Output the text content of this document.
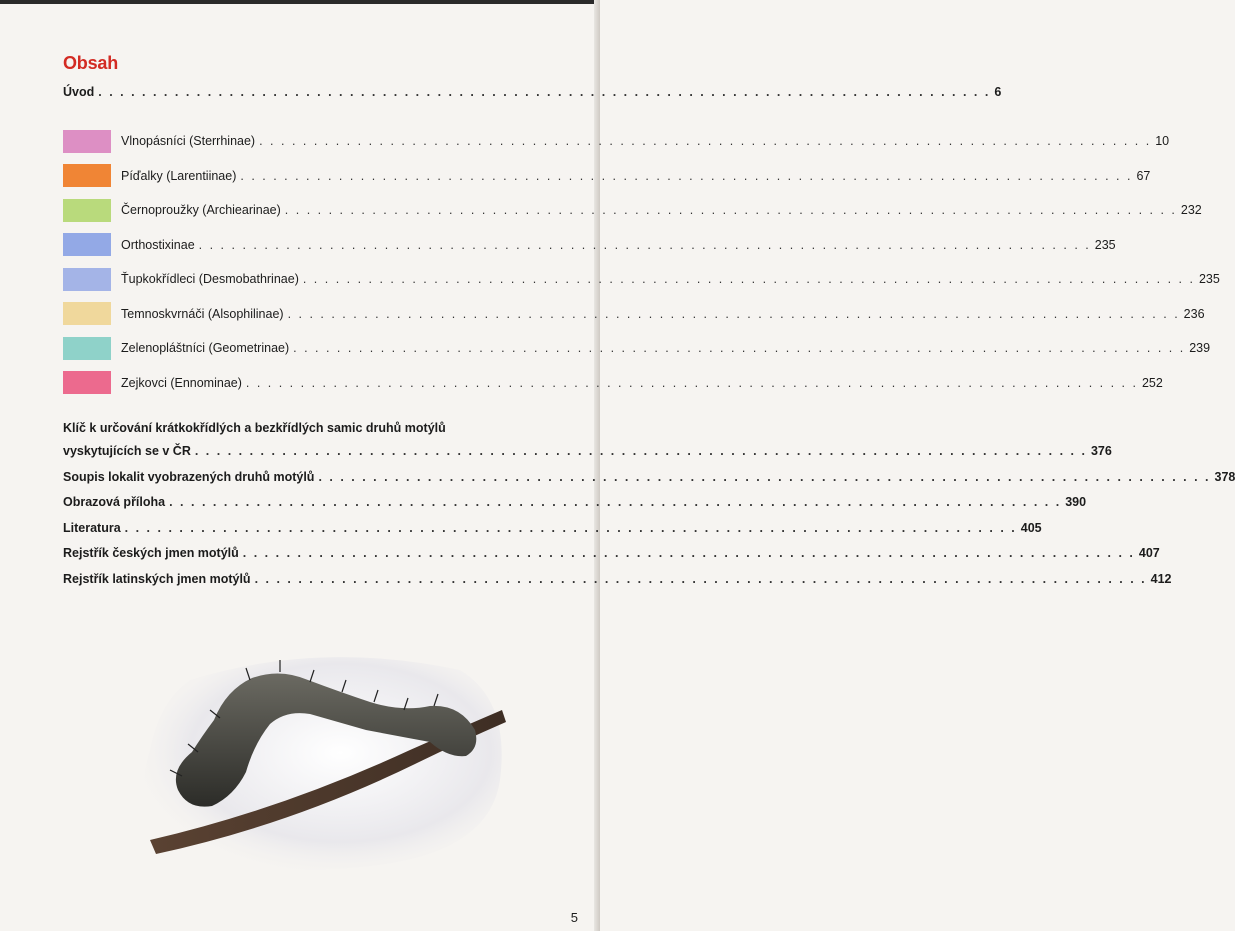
Obsah
Úvod . . . . . . . . . . . . . . . . . . . . . . . . . . . . . . . . . . . . . . . . . . . . . . . . . . . . . . . . . . . . . . . . . . . . . . . . . . . . . . . . . . 6
Vlnopásníci (Sterrhinae) . . . . . . . . . . . . . . . . . . . . . . . . . . . . . . . . . . . . . . . . . . . . . . . . . . . . . . . . . . . . . . . . . . . . . . . . . . . . . . . . . . 10
Píďalky (Larentiinae) . . . . . . . . . . . . . . . . . . . . . . . . . . . . . . . . . . . . . . . . . . . . . . . . . . . . . . . . . . . . . . . . . . . . . . . . . . . . . . . . . . 67
Černoproužky (Archiearinae) . . . . . . . . . . . . . . . . . . . . . . . . . . . . . . . . . . . . . . . . . . . . . . . . . . . . . . . . . . . . . . . . . . . . . . . . . . . . . . . . . . 232
Orthostixinae . . . . . . . . . . . . . . . . . . . . . . . . . . . . . . . . . . . . . . . . . . . . . . . . . . . . . . . . . . . . . . . . . . . . . . . . . . . . . . . . . . 235
Ťupkokřídleci (Desmobathrinae) . . . . . . . . . . . . . . . . . . . . . . . . . . . . . . . . . . . . . . . . . . . . . . . . . . . . . . . . . . . . . . . . . . . . . . . . . . . . . . . . . . 235
Temnoskvrnáči (Alsophilinae) . . . . . . . . . . . . . . . . . . . . . . . . . . . . . . . . . . . . . . . . . . . . . . . . . . . . . . . . . . . . . . . . . . . . . . . . . . . . . . . . . . 236
Zelenopláštníci (Geometrinae) . . . . . . . . . . . . . . . . . . . . . . . . . . . . . . . . . . . . . . . . . . . . . . . . . . . . . . . . . . . . . . . . . . . . . . . . . . . . . . . . . . 239
Zejkovci (Ennominae) . . . . . . . . . . . . . . . . . . . . . . . . . . . . . . . . . . . . . . . . . . . . . . . . . . . . . . . . . . . . . . . . . . . . . . . . . . . . . . . . . . 252
Klíč k určování krátkokřídlých a bezkřídlých samic druhů motýlů
vyskytujících se v ČR . . . . . . . . . . . . . . . . . . . . . . . . . . . . . . . . . . . . . . . . . . . . . . . . . . . . . . . . . . . . . . . . . . . . . . . . . . . . . . . . . . 376
Soupis lokalit vyobrazených druhů motýlů . . . . . . . . . . . . . . . . . . . . . . . . . . . . . . . . . . . . . . . . . . . . . . . . . . . . . . . . . . . . . . . . . . . . . . . . . . . . . . . . . . 378
Obrazová příloha . . . . . . . . . . . . . . . . . . . . . . . . . . . . . . . . . . . . . . . . . . . . . . . . . . . . . . . . . . . . . . . . . . . . . . . . . . . . . . . . . . 390
Literatura . . . . . . . . . . . . . . . . . . . . . . . . . . . . . . . . . . . . . . . . . . . . . . . . . . . . . . . . . . . . . . . . . . . . . . . . . . . . . . . . . . 405
Rejstřík českých jmen motýlů . . . . . . . . . . . . . . . . . . . . . . . . . . . . . . . . . . . . . . . . . . . . . . . . . . . . . . . . . . . . . . . . . . . . . . . . . . . . . . . . . . 407
Rejstřík latinských jmen motýlů . . . . . . . . . . . . . . . . . . . . . . . . . . . . . . . . . . . . . . . . . . . . . . . . . . . . . . . . . . . . . . . . . . . . . . . . . . . . . . . . . . 412
5
